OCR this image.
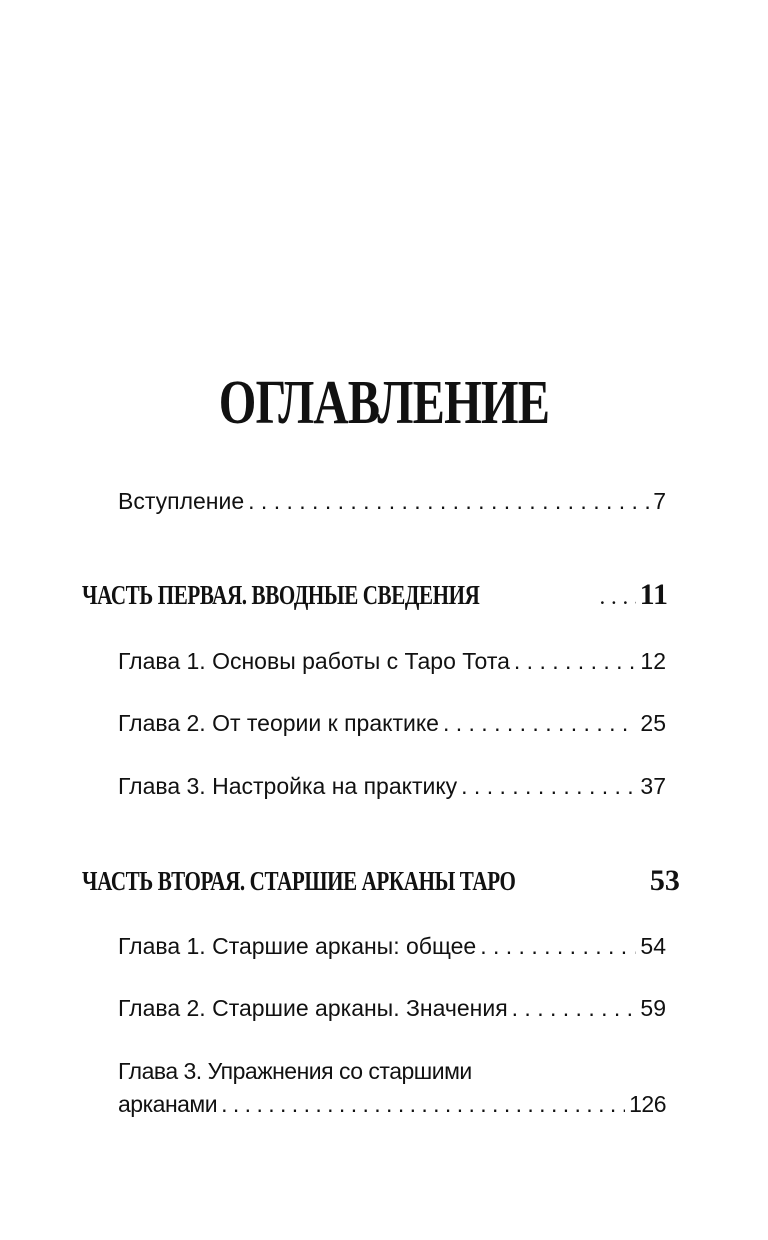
ОГЛАВЛЕНИЕ
Вступление . . .	7
ЧАСТЬ ПЕРВАЯ. ВВОДНЫЕ СВЕДЕНИЯ . . .	11
Глава 1. Основы работы с Таро Тота . . .	12
Глава 2. От теории к практике . . .	25
Глава 3. Настройка на практику . . .	37
ЧАСТЬ ВТОРАЯ. СТАРШИЕ АРКАНЫ ТАРО	53
Глава 1. Старшие арканы: общее . . .	54
Глава 2. Старшие арканы. Значения . . .	59
Глава 3. Упражнения со старшими
арканами . . .	126
